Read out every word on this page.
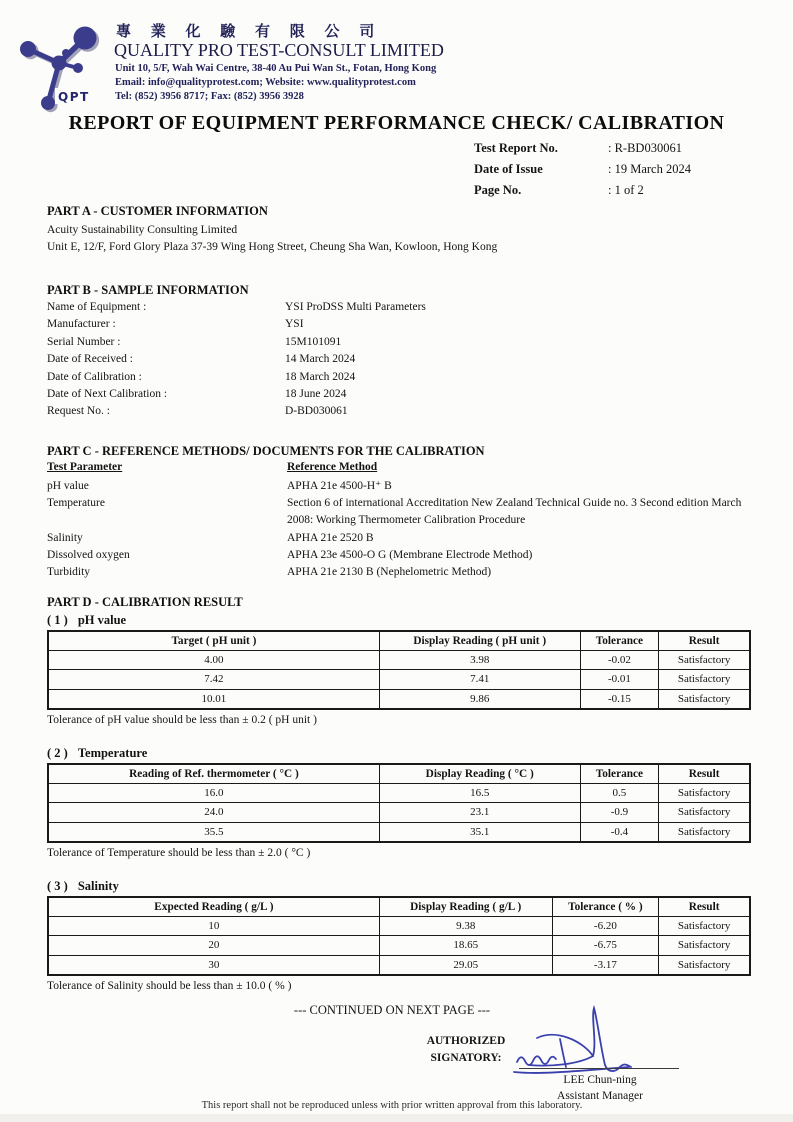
QPT
專 業 化 驗 有 限 公 司
QUALITY PRO TEST-CONSULT LIMITED
Unit 10, 5/F, Wah Wai Centre, 38-40 Au Pui Wan St., Fotan, Hong Kong
Email: info@qualityprotest.com; Website: www.qualityprotest.com
Tel: (852) 3956 8717; Fax: (852) 3956 3928
REPORT OF EQUIPMENT PERFORMANCE CHECK/ CALIBRATION
Test Report No.	: R-BD030061
Date of Issue	: 19 March 2024
Page No.	: 1 of 2
PART A - CUSTOMER INFORMATION
Acuity Sustainability Consulting Limited
Unit E, 12/F, Ford Glory Plaza 37-39 Wing Hong Street, Cheung Sha Wan, Kowloon, Hong Kong
PART B - SAMPLE INFORMATION
Name of Equipment :	YSI ProDSS Multi Parameters
Manufacturer :	YSI
Serial Number :	15M101091
Date of Received :	14 March 2024
Date of Calibration :	18 March 2024
Date of Next Calibration :	18 June 2024
Request No. :	D-BD030061
PART C - REFERENCE METHODS/ DOCUMENTS FOR THE CALIBRATION
Test Parameter	Reference Method
pH value	APHA 21e 4500-H⁺ B
Temperature	Section 6 of international Accreditation New Zealand Technical Guide no. 3 Second edition March
2008: Working Thermometer Calibration Procedure
Salinity	APHA 21e 2520 B
Dissolved oxygen	APHA 23e 4500-O G (Membrane Electrode Method)
Turbidity	APHA 21e 2130 B (Nephelometric Method)
PART D - CALIBRATION RESULT
( 1 ) pH value
Target ( pH unit )	Display Reading ( pH unit )	Tolerance	Result
4.00	3.98	-0.02	Satisfactory
7.42	7.41	-0.01	Satisfactory
10.01	9.86	-0.15	Satisfactory
Tolerance of pH value should be less than ± 0.2 ( pH unit )
( 2 ) Temperature
Reading of Ref. thermometer ( °C )	Display Reading ( °C )	Tolerance	Result
16.0	16.5	0.5	Satisfactory
24.0	23.1	-0.9	Satisfactory
35.5	35.1	-0.4	Satisfactory
Tolerance of Temperature should be less than ± 2.0 ( °C )
( 3 ) Salinity
Expected Reading ( g/L )	Display Reading ( g/L )	Tolerance ( % )	Result
10	9.38	-6.20	Satisfactory
20	18.65	-6.75	Satisfactory
30	29.05	-3.17	Satisfactory
Tolerance of Salinity should be less than ± 10.0 ( % )
--- CONTINUED ON NEXT PAGE ---
AUTHORIZED
SIGNATORY:
LEE Chun-ning
Assistant Manager
This report shall not be reproduced unless with prior written approval from this laboratory.
